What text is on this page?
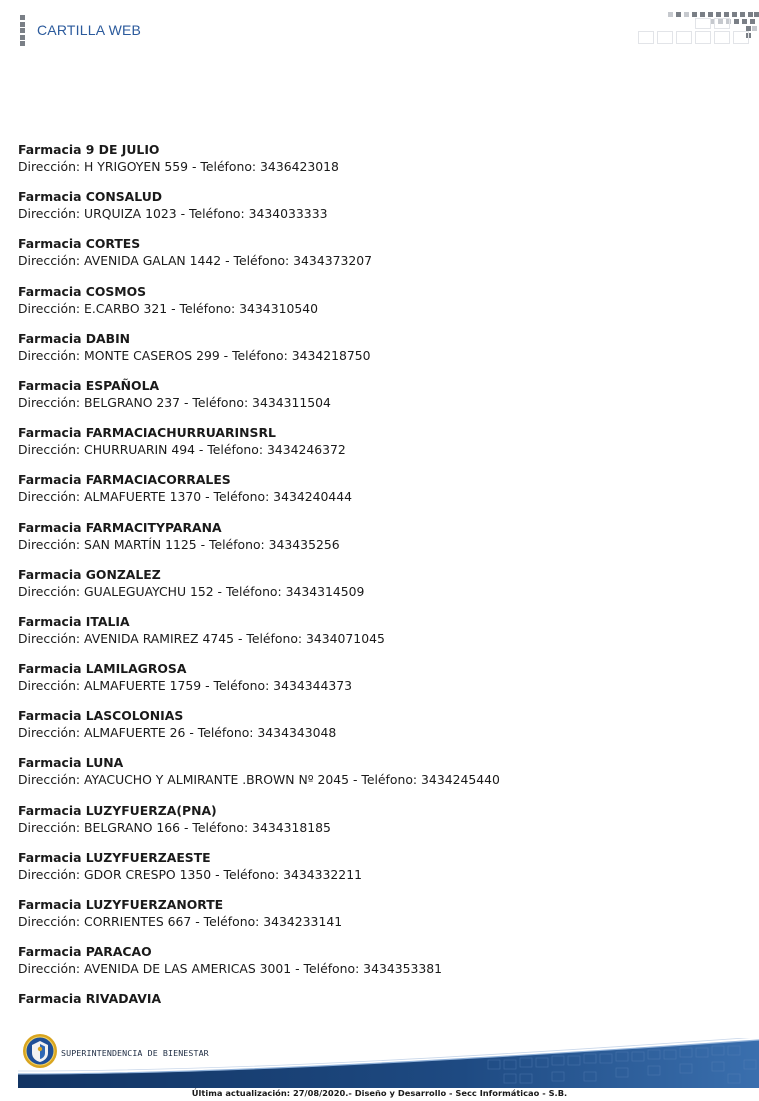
CARTILLA WEB
Farmacia 9 DE JULIO
Dirección: H YRIGOYEN 559 - Teléfono: 3436423018
Farmacia CONSALUD
Dirección: URQUIZA 1023 - Teléfono: 3434033333
Farmacia CORTES
Dirección: AVENIDA GALAN 1442 - Teléfono: 3434373207
Farmacia COSMOS
Dirección: E.CARBO 321 - Teléfono: 3434310540
Farmacia DABIN
Dirección: MONTE CASEROS 299 - Teléfono: 3434218750
Farmacia ESPAÑOLA
Dirección: BELGRANO 237 - Teléfono: 3434311504
Farmacia FARMACIACHURRUARINSRL
Dirección: CHURRUARIN 494 - Teléfono: 3434246372
Farmacia FARMACIACORRALES
Dirección: ALMAFUERTE 1370 - Teléfono: 3434240444
Farmacia FARMACITYPARANA
Dirección: SAN MARTÍN 1125 - Teléfono: 343435256
Farmacia GONZALEZ
Dirección: GUALEGUAYCHU 152 - Teléfono: 3434314509
Farmacia ITALIA
Dirección: AVENIDA RAMIREZ 4745 - Teléfono: 3434071045
Farmacia LAMILAGROSA
Dirección: ALMAFUERTE 1759 - Teléfono: 3434344373
Farmacia LASCOLONIAS
Dirección: ALMAFUERTE 26 - Teléfono: 3434343048
Farmacia LUNA
Dirección: AYACUCHO Y ALMIRANTE .BROWN Nº 2045 - Teléfono: 3434245440
Farmacia LUZYFUERZA(PNA)
Dirección: BELGRANO 166 - Teléfono: 3434318185
Farmacia LUZYFUERZAESTE
Dirección: GDOR CRESPO 1350 - Teléfono: 3434332211
Farmacia LUZYFUERZANORTE
Dirección: CORRIENTES 667 - Teléfono: 3434233141
Farmacia PARACAO
Dirección: AVENIDA DE LAS AMERICAS 3001 - Teléfono: 3434353381
Farmacia RIVADAVIA
SUPERINTENDENCIA DE BIENESTAR
Última actualización: 27/08/2020.- Diseño y Desarrollo - Secc Informáticao - S.B.
